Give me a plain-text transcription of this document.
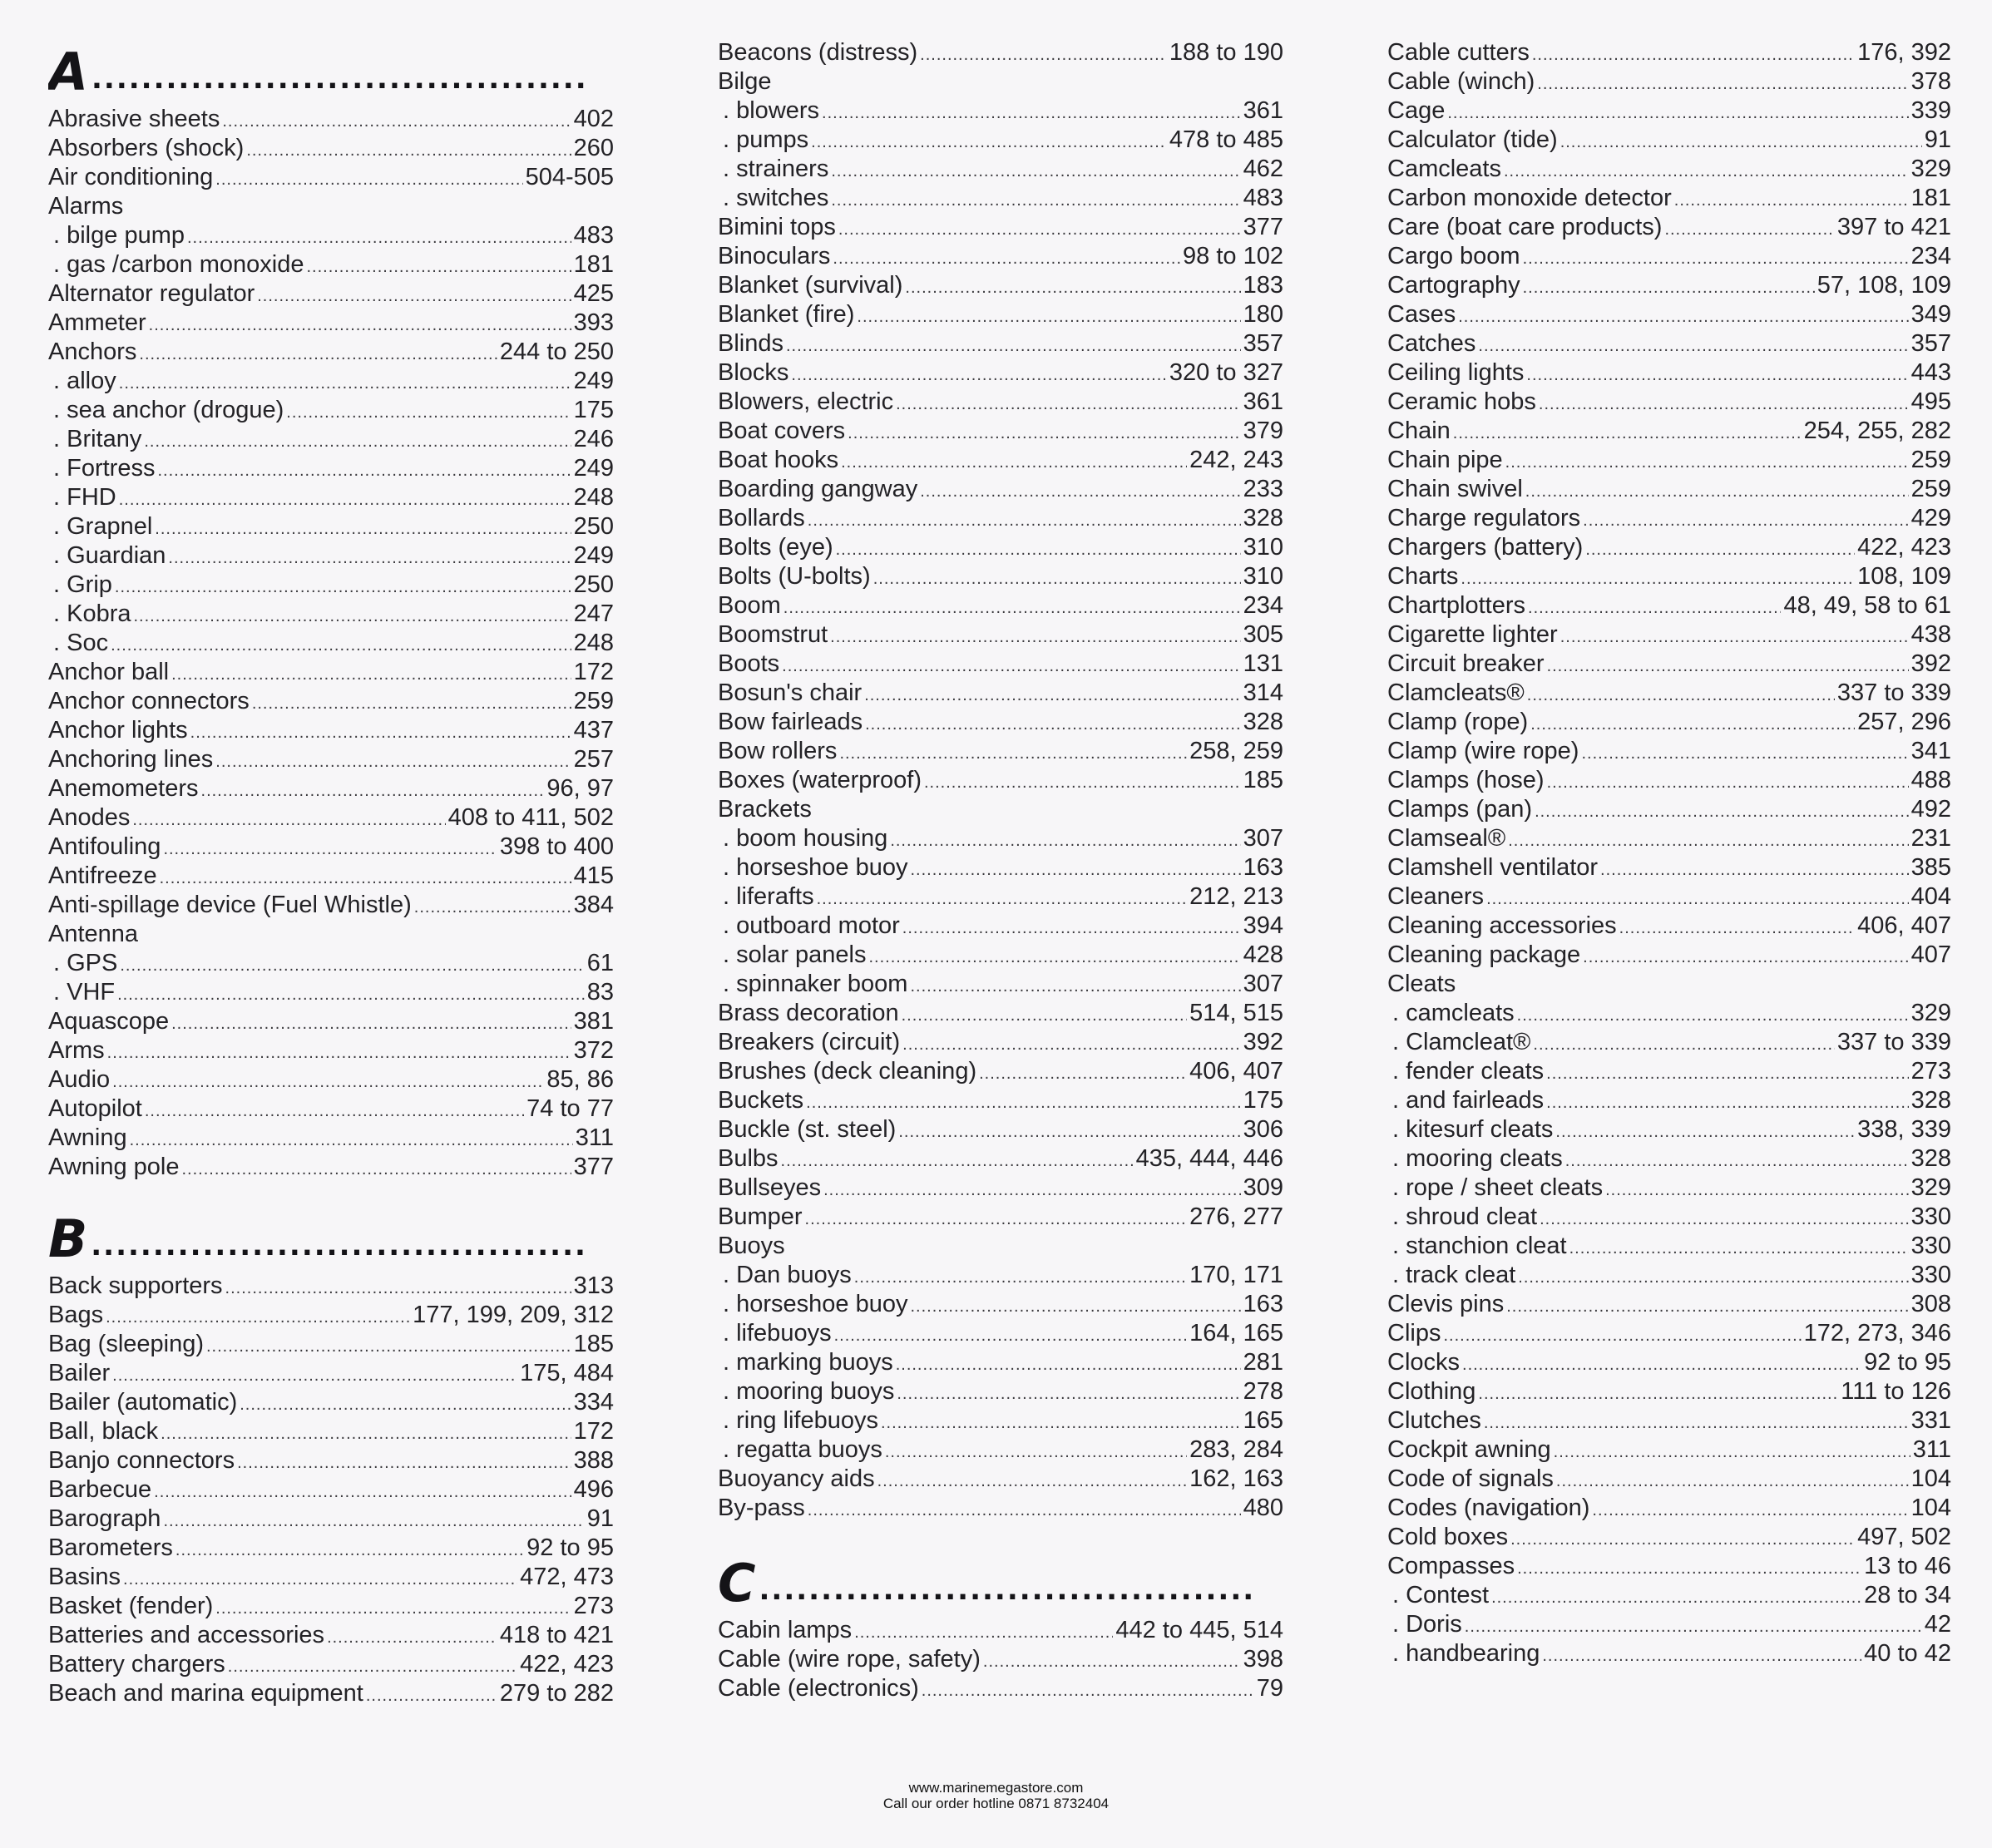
A ........................................
Abrasive sheets .....	402
Absorbers (shock) .....	260
Air conditioning .....	504-505
Alarms
. bilge pump .....	483
. gas /carbon monoxide .....	181
Alternator regulator .....	425
Ammeter .....	393
Anchors .....	244 to 250
. alloy .....	249
. sea anchor (drogue) .....	175
. Britany .....	246
. Fortress .....	249
. FHD .....	248
. Grapnel .....	250
. Guardian .....	249
. Grip .....	250
. Kobra .....	247
. Soc .....	248
Anchor ball .....	172
Anchor connectors .....	259
Anchor lights .....	437
Anchoring lines .....	257
Anemometers .....	96, 97
Anodes .....	408 to 411, 502
Antifouling .....	398 to 400
Antifreeze .....	415
Anti-spillage device (Fuel Whistle) .....	384
Antenna
. GPS .....	61
. VHF .....	83
Aquascope .....	381
Arms .....	372
Audio .....	85, 86
Autopilot .....	74 to 77
Awning .....	311
Awning pole .....	377
B ........................................
Back supporters .....	313
Bags .....	177, 199, 209, 312
Bag (sleeping) .....	185
Bailer .....	175, 484
Bailer (automatic) .....	334
Ball, black .....	172
Banjo connectors .....	388
Barbecue .....	496
Barograph .....	91
Barometers .....	92 to 95
Basins .....	472, 473
Basket (fender) .....	273
Batteries and accessories .....	418 to 421
Battery chargers .....	422, 423
Beach and marina equipment .....	279 to 282
Beacons (distress) .....	188 to 190
Bilge
. blowers .....	361
. pumps .....	478 to 485
. strainers .....	462
. switches .....	483
Bimini tops .....	377
Binoculars .....	98 to 102
Blanket (survival) .....	183
Blanket (fire) .....	180
Blinds .....	357
Blocks .....	320 to 327
Blowers, electric .....	361
Boat covers .....	379
Boat hooks .....	242, 243
Boarding gangway .....	233
Bollards .....	328
Bolts (eye) .....	310
Bolts (U-bolts) .....	310
Boom .....	234
Boomstrut .....	305
Boots .....	131
Bosun's chair .....	314
Bow fairleads .....	328
Bow rollers .....	258, 259
Boxes (waterproof) .....	185
Brackets
. boom housing .....	307
. horseshoe buoy .....	163
. liferafts .....	212, 213
. outboard motor .....	394
. solar panels .....	428
. spinnaker boom .....	307
Brass decoration .....	514, 515
Breakers (circuit) .....	392
Brushes (deck cleaning) .....	406, 407
Buckets .....	175
Buckle (st. steel) .....	306
Bulbs .....	435, 444, 446
Bullseyes .....	309
Bumper .....	276, 277
Buoys
. Dan buoys .....	170, 171
. horseshoe buoy .....	163
. lifebuoys .....	164, 165
. marking buoys .....	281
. mooring buoys .....	278
. ring lifebuoys .....	165
. regatta buoys .....	283, 284
Buoyancy aids .....	162, 163
By-pass .....	480
C ........................................
Cabin lamps .....	442 to 445, 514
Cable (wire rope, safety) .....	398
Cable (electronics) .....	79
Cable cutters .....	176, 392
Cable (winch) .....	378
Cage .....	339
Calculator (tide) .....	91
Camcleats .....	329
Carbon monoxide detector .....	181
Care (boat care products) .....	397 to 421
Cargo boom .....	234
Cartography .....	57, 108, 109
Cases .....	349
Catches .....	357
Ceiling lights .....	443
Ceramic hobs .....	495
Chain .....	254, 255, 282
Chain pipe .....	259
Chain swivel .....	259
Charge regulators .....	429
Chargers (battery) .....	422, 423
Charts .....	108, 109
Chartplotters .....	48, 49, 58 to 61
Cigarette lighter .....	438
Circuit breaker .....	392
Clamcleats® .....	337 to 339
Clamp (rope) .....	257, 296
Clamp (wire rope) .....	341
Clamps (hose) .....	488
Clamps (pan) .....	492
Clamseal® .....	231
Clamshell ventilator .....	385
Cleaners .....	404
Cleaning accessories .....	406, 407
Cleaning package .....	407
Cleats
. camcleats .....	329
. Clamcleat® .....	337 to 339
. fender cleats .....	273
. and fairleads .....	328
. kitesurf cleats .....	338, 339
. mooring cleats .....	328
. rope / sheet cleats .....	329
. shroud cleat .....	330
. stanchion cleat .....	330
. track cleat .....	330
Clevis pins .....	308
Clips .....	172, 273, 346
Clocks .....	92 to 95
Clothing .....	111 to 126
Clutches .....	331
Cockpit awning .....	311
Code of signals .....	104
Codes (navigation) .....	104
Cold boxes .....	497, 502
Compasses .....	13 to 46
. Contest .....	28 to 34
. Doris .....	42
. handbearing .....	40 to 42
www.marinemegastore.com
Call our order hotline 0871 8732404
